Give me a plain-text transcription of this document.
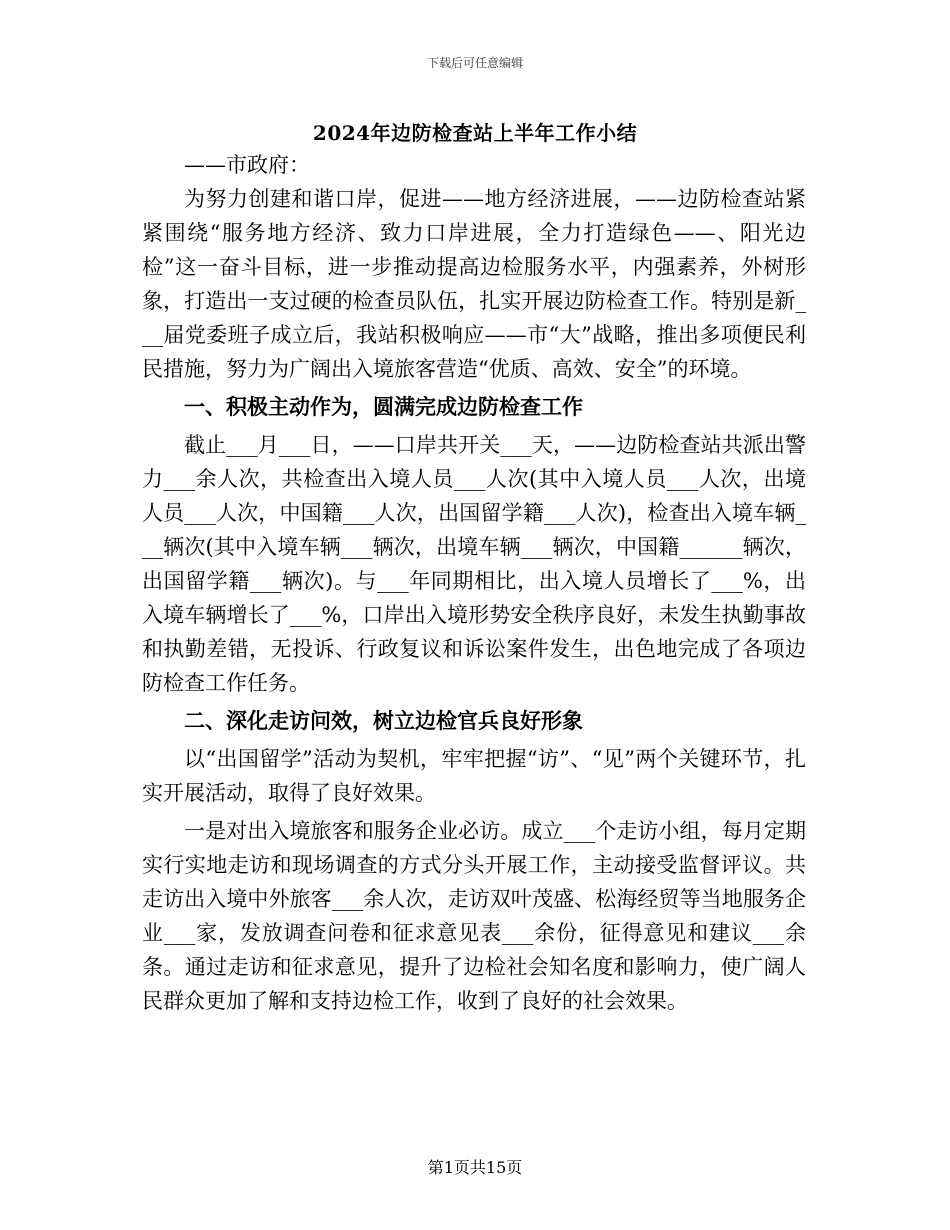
下载后可任意编辑
2024年边防检查站上半年工作小结

——市政府：

为努力创建和谐口岸，促进——地方经济进展，——边防检查站紧紧围绕“服务地方经济、致力口岸进展，全力打造绿色——、阳光边检”这一奋斗目标，进一步推动提高边检服务水平，内强素养，外树形象，打造出一支过硬的检查员队伍，扎实开展边防检查工作。特别是新___届党委班子成立后，我站积极响应——市“大”战略，推出多项便民利民措施，努力为广阔出入境旅客营造“优质、高效、安全”的环境。

一、积极主动作为，圆满完成边防检查工作

截止___月___日，——口岸共开关___天，——边防检查站共派出警力___余人次，共检查出入境人员___人次(其中入境人员___人次，出境人员___人次，中国籍___人次，出国留学籍___人次)，检查出入境车辆___辆次(其中入境车辆___辆次，出境车辆___辆次，中国籍______辆次，出国留学籍___辆次)。与___年同期相比，出入境人员增长了___%，出入境车辆增长了___%，口岸出入境形势安全秩序良好，未发生执勤事故和执勤差错，无投诉、行政复议和诉讼案件发生，出色地完成了各项边防检查工作任务。

二、深化走访问效，树立边检官兵良好形象

以“出国留学”活动为契机，牢牢把握“访”、“见”两个关键环节，扎实开展活动，取得了良好效果。

一是对出入境旅客和服务企业必访。成立___个走访小组，每月定期实行实地走访和现场调查的方式分头开展工作，主动接受监督评议。共走访出入境中外旅客___余人次，走访双叶茂盛、松海经贸等当地服务企业___家，发放调查问卷和征求意见表___余份，征得意见和建议___余条。通过走访和征求意见，提升了边检社会知名度和影响力，使广阔人民群众更加了解和支持边检工作，收到了良好的社会效果。

第1页共15页
